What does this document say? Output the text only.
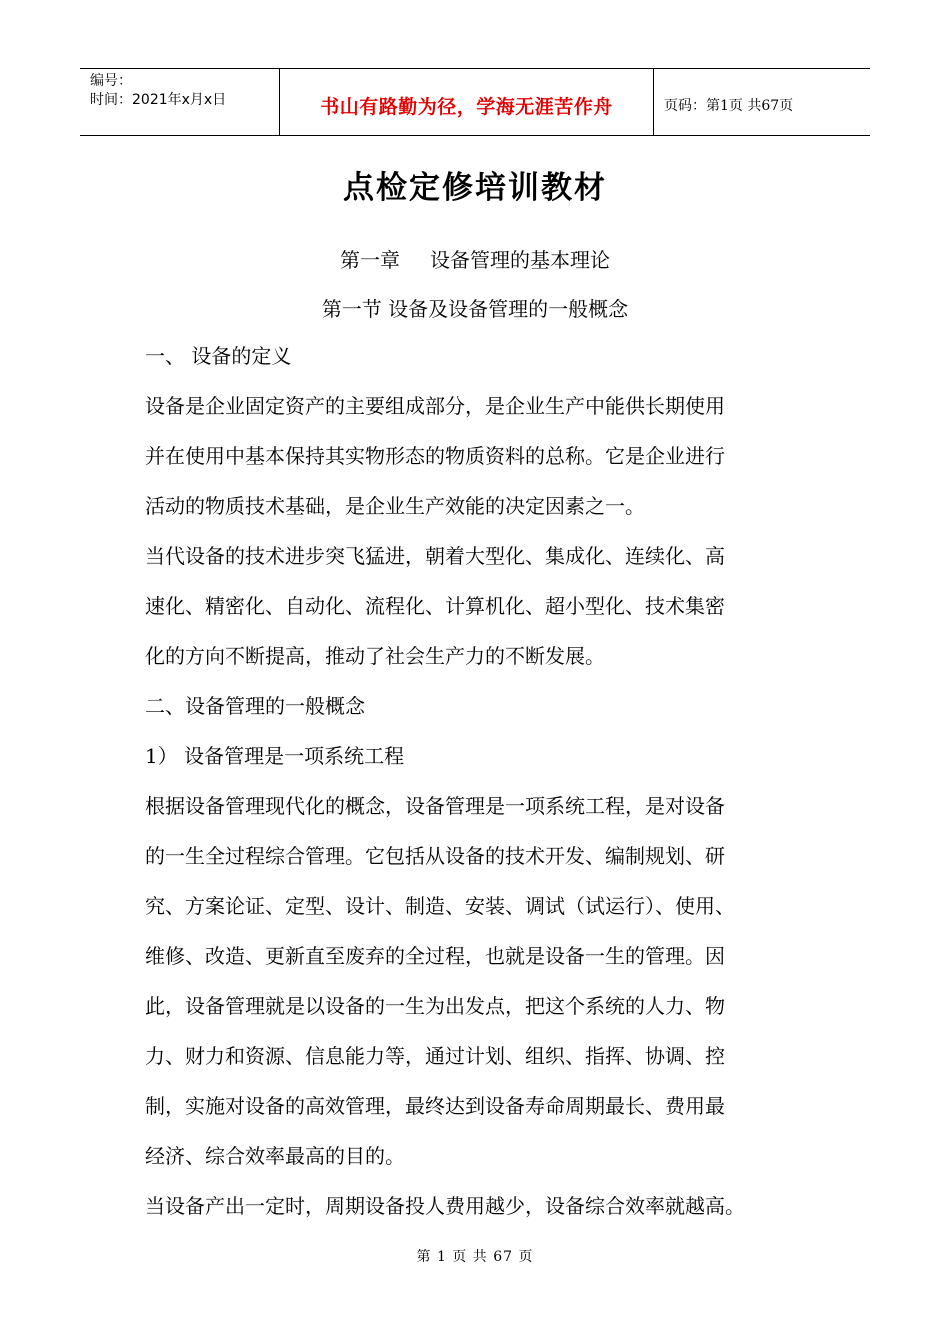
编号：
时间：2021年x月x日	书山有路勤为径，学海无涯苦作舟	页码：第1页 共67页
点检定修培训教材
第一章 设备管理的基本理论
第一节 设备及设备管理的一般概念
一、 设备的定义
设备是企业固定资产的主要组成部分，是企业生产中能供长期使用
并在使用中基本保持其实物形态的物质资料的总称。它是企业进行
活动的物质技术基础，是企业生产效能的决定因素之一。
当代设备的技术进步突飞猛进，朝着大型化、集成化、连续化、高
速化、精密化、自动化、流程化、计算机化、超小型化、技术集密
化的方向不断提高，推动了社会生产力的不断发展。
二、设备管理的一般概念
1） 设备管理是一项系统工程
根据设备管理现代化的概念，设备管理是一项系统工程，是对设备
的一生全过程综合管理。它包括从设备的技术开发、编制规划、研
究、方案论证、定型、设计、制造、安装、调试（试运行）、使用、
维修、改造、更新直至废弃的全过程，也就是设备一生的管理。因
此，设备管理就是以设备的一生为出发点，把这个系统的人力、物
力、财力和资源、信息能力等，通过计划、组织、指挥、协调、控
制，实施对设备的高效管理，最终达到设备寿命周期最长、费用最
经济、综合效率最高的目的。
当设备产出一定时，周期设备投人费用越少，设备综合效率就越高。
第 1 页 共 67 页
